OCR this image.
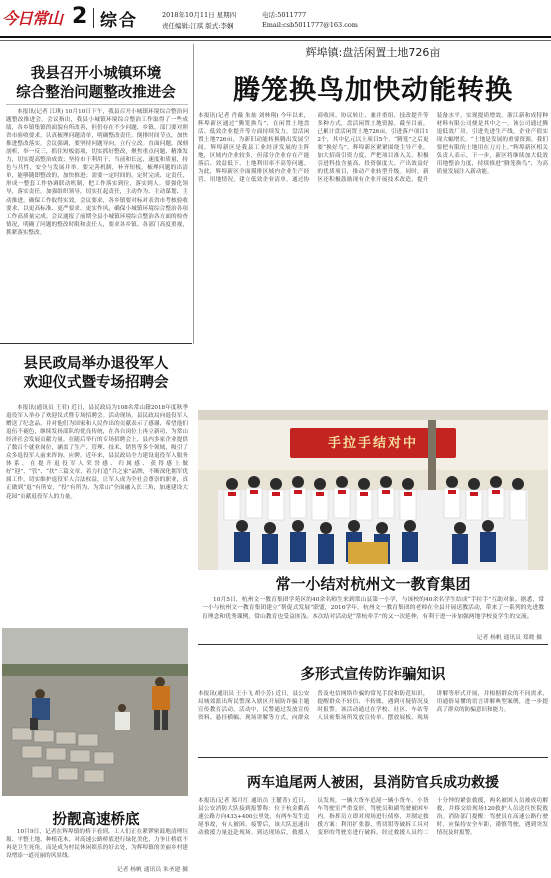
今日常山 2 综合	2018年10月11日 星期四
责任编辑:江琪 版式:李娴
电话:5011777
Email:csb5011777@163.com
我县召开小城镇环境
综合整治问题整改推进会
本报讯(记者 江琪) 10月10日下午，我县召开小城镇环境综合整治问题整改推进会。会议指出，我县小城镇环境综合整治工作取得了一些成绩，各乡镇集镇的面貌有所改善，但仍存在不少问题，乡镇、部门要对照省市验收要求，认真梳理问题清单，明确整改责任，倒排时间节点，加快推进整改落实。会议强调，要坚持问题导向，立行立改。直面问题，深刻剖析，举一反三，抓住短板弱项，切实抓好整改，聚焦重点问题，精准发力，切实提高整治成效；坚持市于利用于，当前和长远，速度和质量，持色与共性，安全与发展并举。要完善机制，补齐短板。梳理问题的出清单，能够随即整改的，加快推进；需要一定时间的，定时完成、定责任，形成一整套工作协调联动机制，把工作落实到位，落实到人。要强化领导，落实责任。加强组织领导，切实扛起责任，主动作为、主动谋划、主动推进，确保工作取得实效。会议要求，各乡镇要对标对表省市考核验收要求，以更高标准、更严要求、更实作风，确保小城镇环境综合整治各项工作高质量完成。会议通报了前期全县小城镇环境综合整治各方面的检查情况，明确了问题的整改时限和责任人，要求各乡镇、各部门高度重视，抓紧落实整改。
县民政局举办退役军人
欢迎仪式暨专场招聘会
本报讯(通讯员 王君) 近日，县民政局为108名常山籍2018年度秋季退役军人举办了欢迎仪式暨专场招聘会。活动现场，县民政局向退役军人赠送了纪念品，并对他们为国家和人民作出的贡献表示了感谢，希望他们退伍不褪色，继续发扬部队的优良传统，在各自岗位上再立新功，为常山经济社会发展贡献力量。在随后举行的专场招聘会上，县内多家企业提供了数百个就业岗位，涵盖了生产、管理、技术、销售等多个领域，吸引了众多退役军人前来咨询、应聘。近年来，县民政局全力建设退役军人服务体系，在提升退役军人荣誉感、归属感、获得感上做好“迎”、“管”、“扶”三篇文章，着力打造“兵之家”品牌，不断深化拥军优属工作，切实维护退役军人合法权益，让军人成为全社会尊崇的职业，真正做到“退”有所安，“役”有所为，为常山“全面融入长三角，加速建设大花园”贡献退役军人的力量。
扮靓高速桥底
10月9日，记者在辉埠镇的桥下看到，工人们正在紧锣密鼓地清理垃圾、平整土地、种植花木，对高速公路桥底进行绿化美化，力争让桥底不再是卫生死角，而是成为村民休闲娱乐的好去处，为辉埠镇的美丽乡村建设增添一道亮丽的风景线。
记者 杨帆 通讯员 朱圣建 摄
辉埠镇:盘活闲置土地726亩
腾笼换鸟加快动能转换
本报讯(记者 肖薇 朱灿 刘林翔) 今年以来，辉埠新区通过“腾笼换鸟”，在闲置土地盘活、低效企业提升等方面持续发力，盘活闲置土地726亩，为新旧动能转换腾出发展空间。辉埠新区是我县工业经济发展的主阵地，区域内企业较多，但部分企业存在产能落后、效益低下、土地利用率不高等问题。为此，辉埠新区全面摸排区域内企业生产经营、用地情况，建立低效企业清单，通过协商收回、协议转让、兼并重组、技改提升等多种方式，盘活闲置土地资源。截至目前，已累计盘活闲置土地726亩，引进落户项目12个，其中亿元以上项目5个。“腾笼”之后更要“换好鸟”。辉埠新区紧紧围绕主导产业，加大招商引资力度，严把项目准入关，积极引进科技含量高、投资强度大、产出效益好的优质项目，推动产业转型升级。同时，新区还积极鼓励现有企业开展技术改造，提升装备水平，实现提质增效。浙江新和成特种材料有限公司便是其中之一，该公司通过腾退低效厂房，引进先进生产线，企业产值实现大幅增长。“土地是发展的重要资源，我们要把有限的土地用在刀刃上。”辉埠新区相关负责人表示，下一步，新区将继续加大低效用地整治力度，持续推进“腾笼换鸟”，为高质量发展注入新动能。
手拉手结对中
常一小结对杭州文一教育集团
10月5日，杭州文一教育集团学苑区的40余名师生来到常山县第一小学，与该校的40余名学生结成“手拉手”互助对象。据悉，常一小与杭州文一教育集团建立“帮促式发展”联盟，2016学年，杭州文一教育集团的老师在全县开展送教活动，带来了一系列的先进教育理念和优秀课例，常山教育也受益匪浅。本次结对活动是“常杭牵手”的又一次延伸，有利于进一步加强两地学校及学生的交流。
记者 杨帆 通讯员 郑晓 摄
多形式宣传防诈骗知识
本报讯(通讯员 王小飞 胡小芳) 近日，县公安局城郊派出所民警深入辖区开展防诈骗主题宣传教育活动。活动中，民警通过发放宣传资料、悬挂横幅、现场讲解等方式，向群众普及电信网络诈骗的常见手段和防范知识，提醒群众不轻信、不转账，遇到可疑情况及时报警。该活动通过在学校、社区、车站等人员密集场所发放宣传单、摆放展板、现场讲解等形式开展，并根据群众的不同需求，用通俗易懂的语言讲解典型案例，进一步提高了群众的防骗意识和能力。
两车追尾两人被困，县消防官兵成功救援
本报讯(记者 郑月红 通讯员 王麓菁) 近日，县公安消防大队接到报警称：位于杭金衢高速公路方向433+400公里处，有两车发生追尾事故，有人被困。接警后，该大队迅速出动救援力量赶赴现场。到达现场后，救援人员发现，一辆大货车追尾一辆小货车，小货车驾驶室严重变形，驾驶员和副驾驶被困车内。指挥员立即对现场进行侦察，并制定救援方案：利用扩张器、剪切钳等破拆工具对变形的驾驶室进行破拆。经过救援人员约二十分钟的紧张救援，两名被困人员被成功解救，并移交给现场120救护人员送往医院救治。消防部门提醒：驾驶员在高速公路行驶时，应保持安全车距，谨慎驾驶，遇到突发情况及时报警。
